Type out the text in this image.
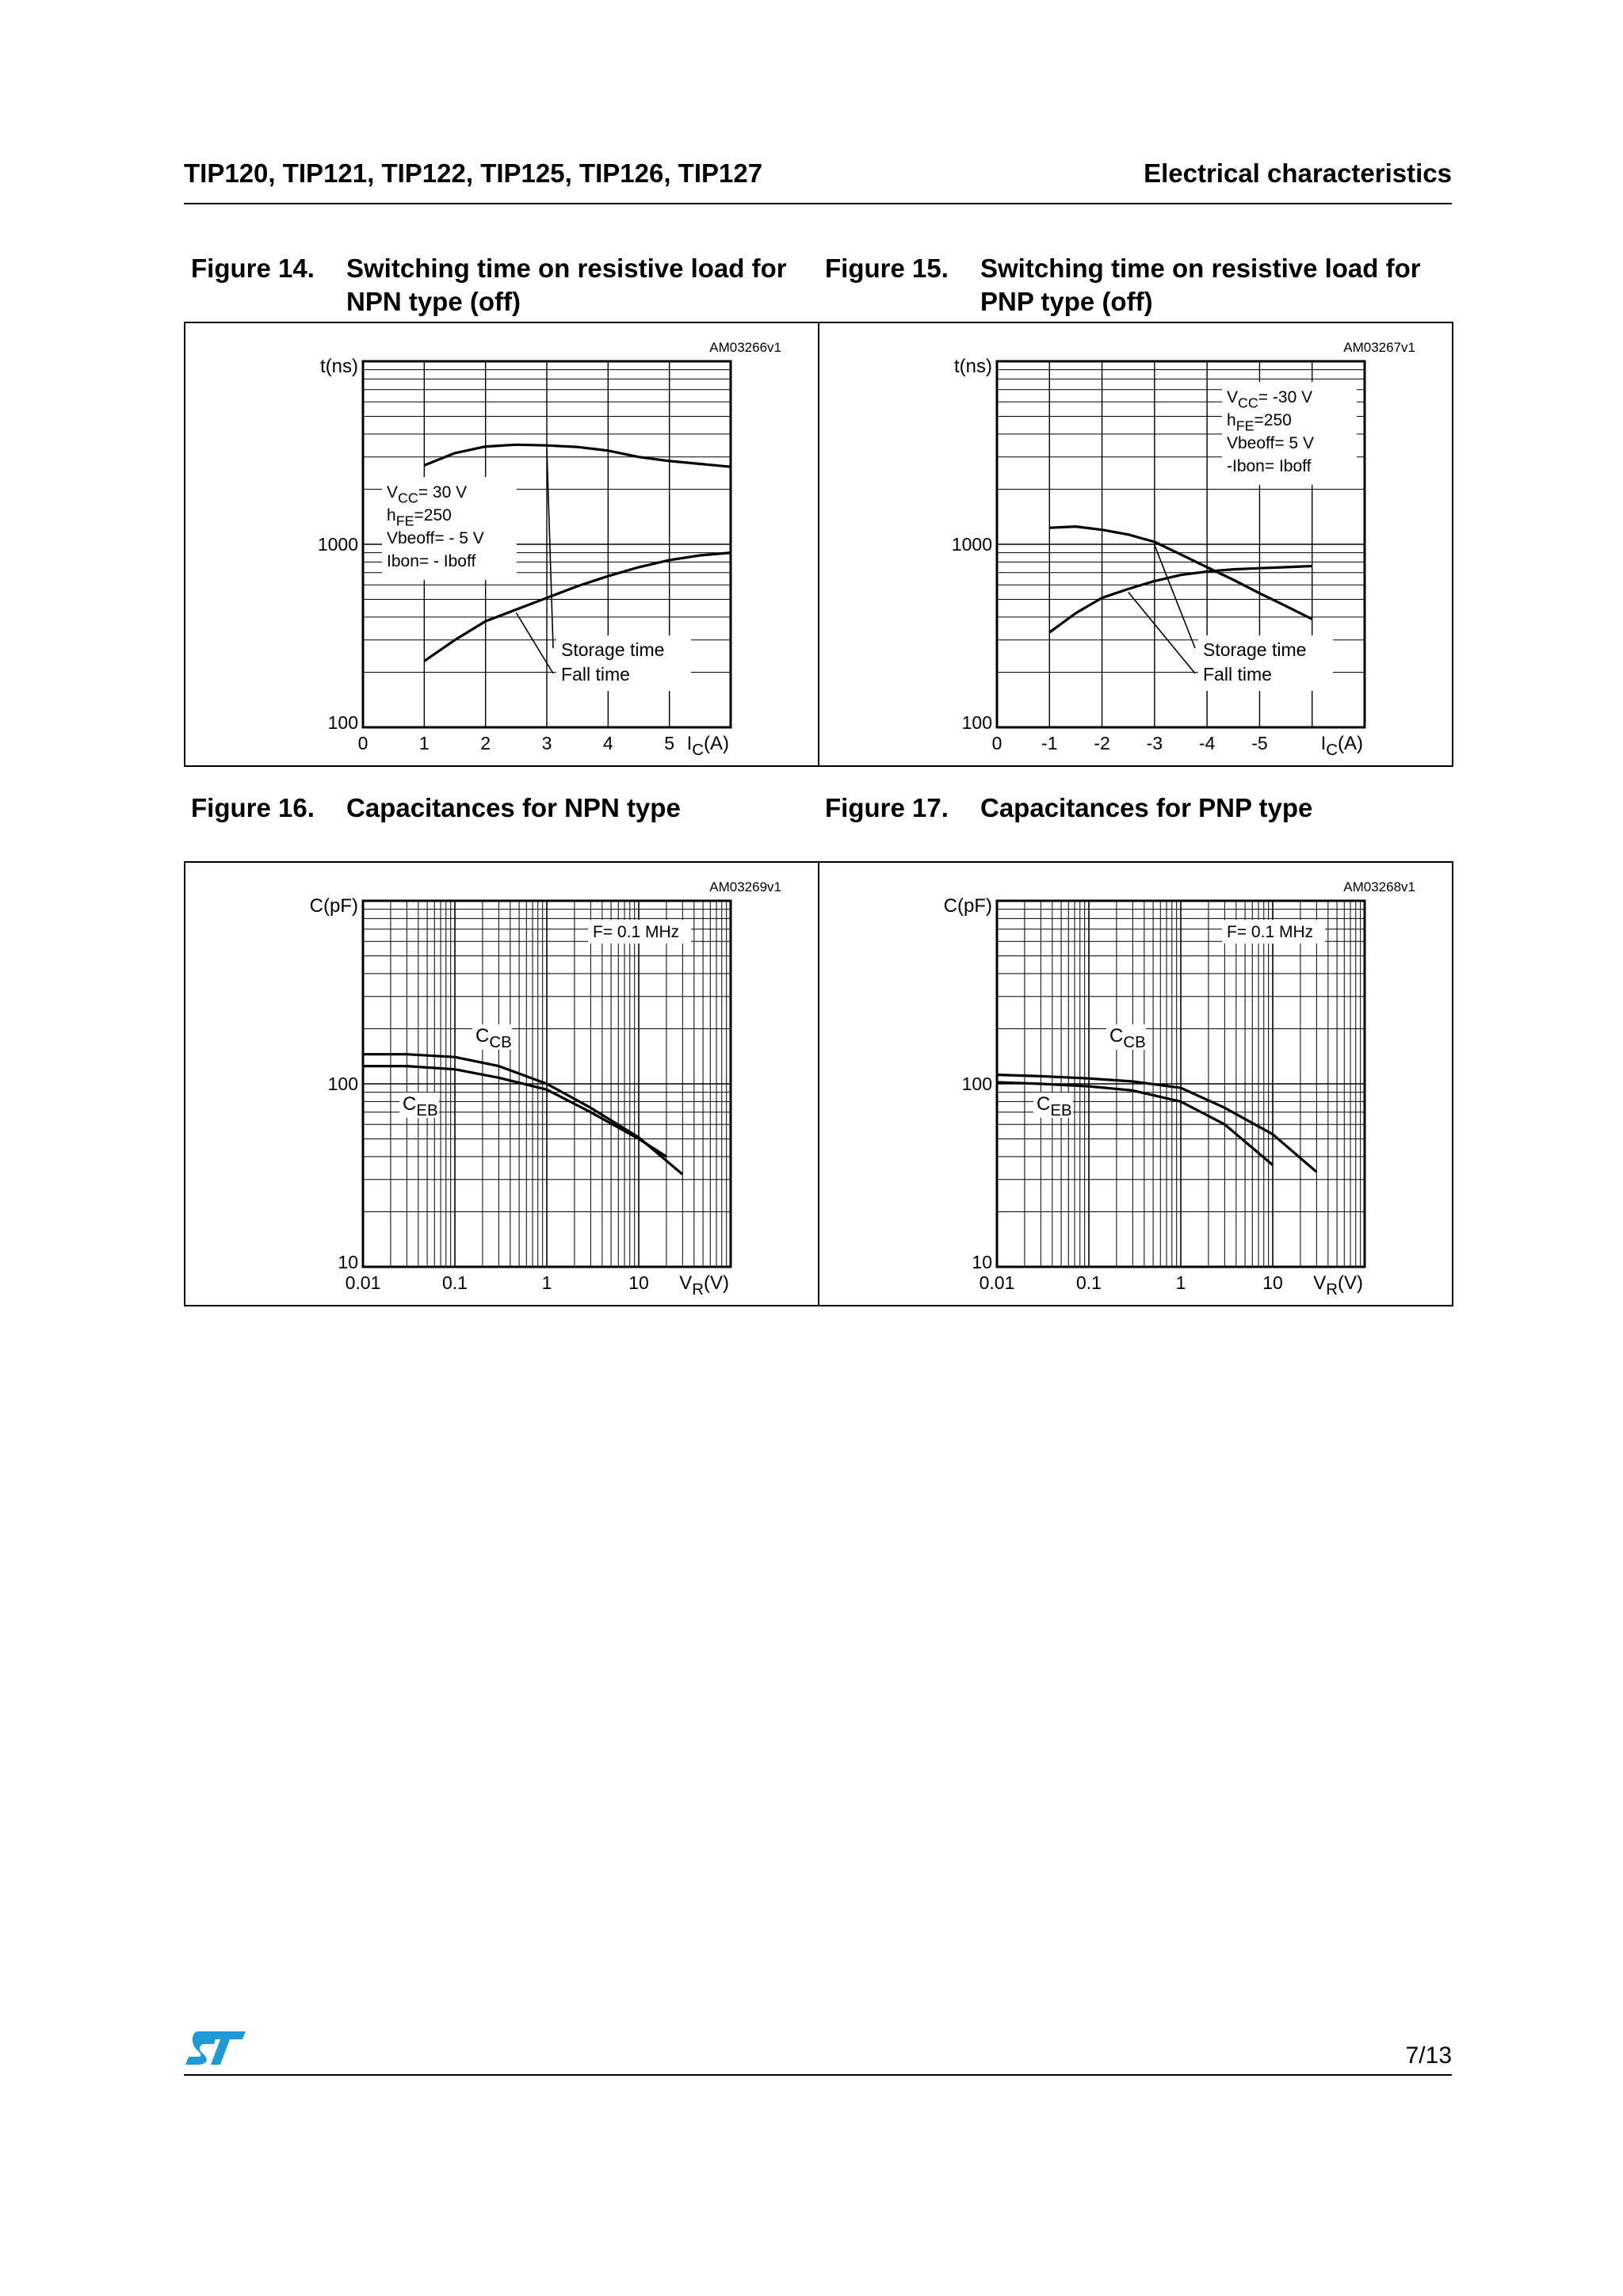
TIP120, TIP121, TIP122, TIP125, TIP126, TIP127	Electrical characteristics
Figure 14. Switching time on resistive load for NPN type (off)
Figure 15. Switching time on resistive load for PNP type (off)
Figure 16. Capacitances for NPN type	Figure 17. Capacitances for PNP type
AM03266v1
t(ns)
100
1000
0	1	2	3	4	5 $I_C(A)$
VCC= 30 V
hFE=250
Vbeoff= - 5 V
Ibon= - Iboff
Storage time
Fall time
AM03267v1
t(ns)
100
1000
0 -1 -2 -3 -4 -5	$I_C(A)$
VCC= -30 V
hFE=250
Vbeoff= 5 V
-Ibon= Iboff
Storage time
Fall time
AM03269v1
C(pF)
10
100
0.01	0.1	1	10 $V_R(V)$
F= 0.1 MHz
$C_{CB}$
$C_{EB}$
AM03268v1
C(pF)
10
100
0.01	0.1	1	10 $V_R(V)$
F= 0.1 MHz
$C_{CB}$
$C_{EB}$
7/13
